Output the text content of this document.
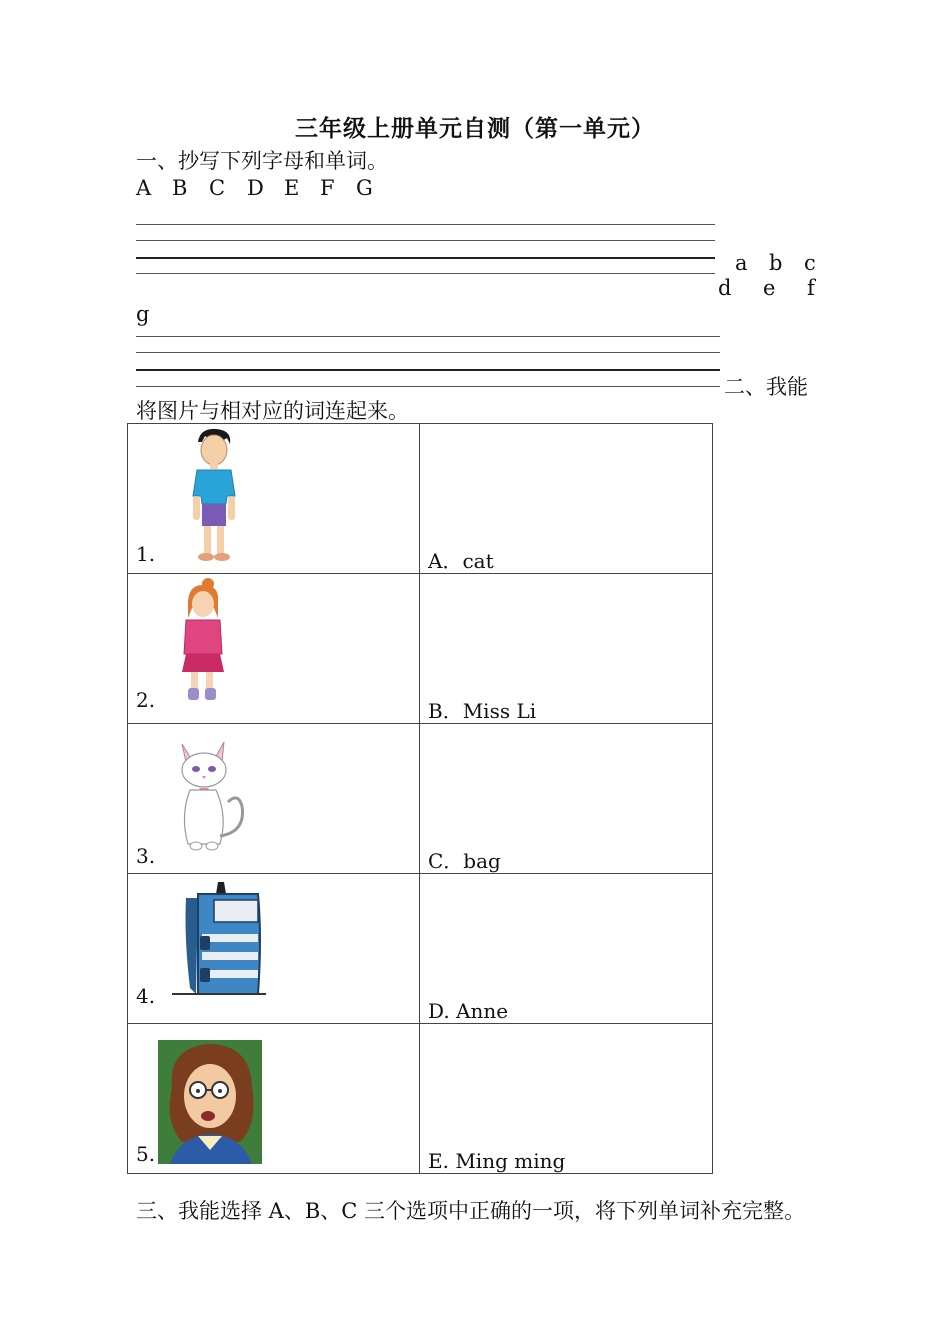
三年级上册单元自测（第一单元）
一、抄写下列字母和单词。
A B C D E F G
a b c
d e f
g
二、我能
将图片与相对应的词连起来。
1.	A．cat

2.	B．Miss Li

3.	C．bag

4.	D. Anne

5.	E. Ming ming
三、我能选择 A、B、C 三个选项中正确的一项，将下列单词补充完整。
